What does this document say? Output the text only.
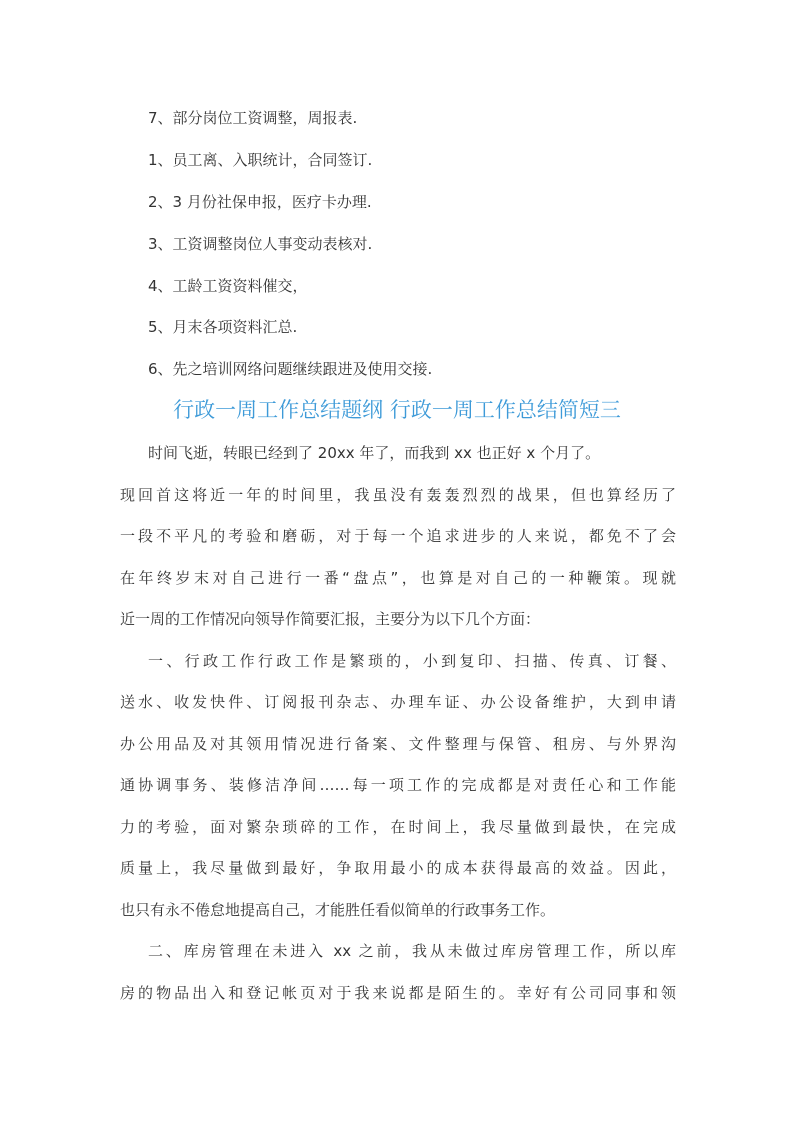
7、部分岗位工资调整，周报表.
1、员工离、入职统计，合同签订.
2、3 月份社保申报，医疗卡办理.
3、工资调整岗位人事变动表核对.
4、工龄工资资料催交，
5、月末各项资料汇总.
6、先之培训网络问题继续跟进及使用交接.
行政一周工作总结题纲 行政一周工作总结简短三
时间飞逝，转眼已经到了 20xx 年了，而我到 xx 也正好 x 个月了。
现回首这将近一年的时间里，我虽没有轰轰烈烈的战果，但也算经历了
一段不平凡的考验和磨砺，对于每一个追求进步的人来说，都免不了会
在年终岁末对自己进行一番“盘点”，也算是对自己的一种鞭策。现就
近一周的工作情况向领导作简要汇报，主要分为以下几个方面：
一、行政工作行政工作是繁琐的，小到复印、扫描、传真、订餐、
送水、收发快件、订阅报刊杂志、办理车证、办公设备维护，大到申请
办公用品及对其领用情况进行备案、文件整理与保管、租房、与外界沟
通协调事务、装修洁净间……每一项工作的完成都是对责任心和工作能
力的考验，面对繁杂琐碎的工作，在时间上，我尽量做到最快，在完成
质量上，我尽量做到最好，争取用最小的成本获得最高的效益。因此，
也只有永不倦怠地提高自己，才能胜任看似简单的行政事务工作。
二、库房管理在未进入 xx 之前，我从未做过库房管理工作，所以库
房的物品出入和登记帐页对于我来说都是陌生的。幸好有公司同事和领
